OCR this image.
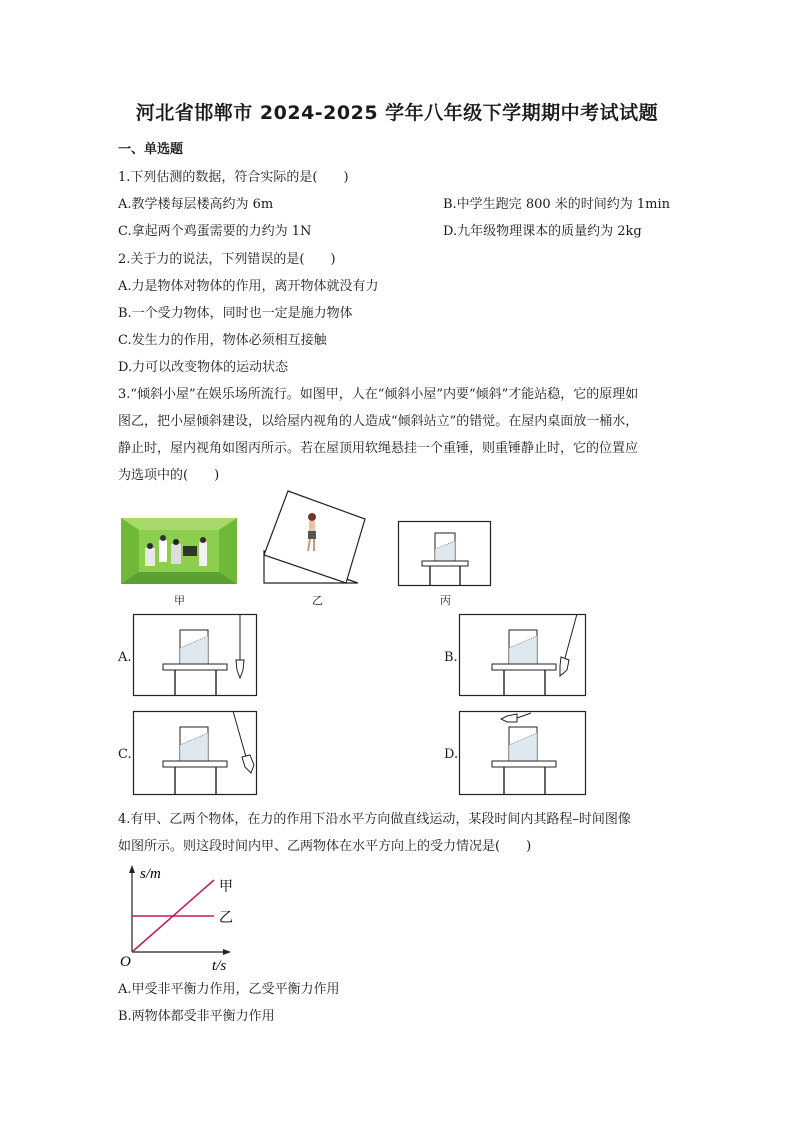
河北省邯郸市 2024-2025 学年八年级下学期期中考试试题
一、单选题
1.下列估测的数据，符合实际的是(　　)
A.教学楼每层楼高约为 6m	B.中学生跑完 800 米的时间约为 1min
C.拿起两个鸡蛋需要的力约为 1N	D.九年级物理课本的质量约为 2kg
2.关于力的说法，下列错误的是(　　)
A.力是物体对物体的作用，离开物体就没有力
B.一个受力物体，同时也一定是施力物体
C.发生力的作用，物体必须相互接触
D.力可以改变物体的运动状态
3.“倾斜小屋”在娱乐场所流行。如图甲，人在“倾斜小屋”内要“倾斜”才能站稳，它的原理如
图乙，把小屋倾斜建设，以给屋内视角的人造成“倾斜站立”的错觉。在屋内桌面放一桶水，
静止时，屋内视角如图丙所示。若在屋顶用软绳悬挂一个重锤，则重锤静止时，它的位置应
为选项中的(　　)
甲	乙	丙
A.	B.
C.	D.
4.有甲、乙两个物体，在力的作用下沿水平方向做直线运动，某段时间内其路程–时间图像
如图所示。则这段时间内甲、乙两物体在水平方向上的受力情况是(　　)
s/m
t/s
O
甲
乙
A.甲受非平衡力作用，乙受平衡力作用
B.两物体都受非平衡力作用
